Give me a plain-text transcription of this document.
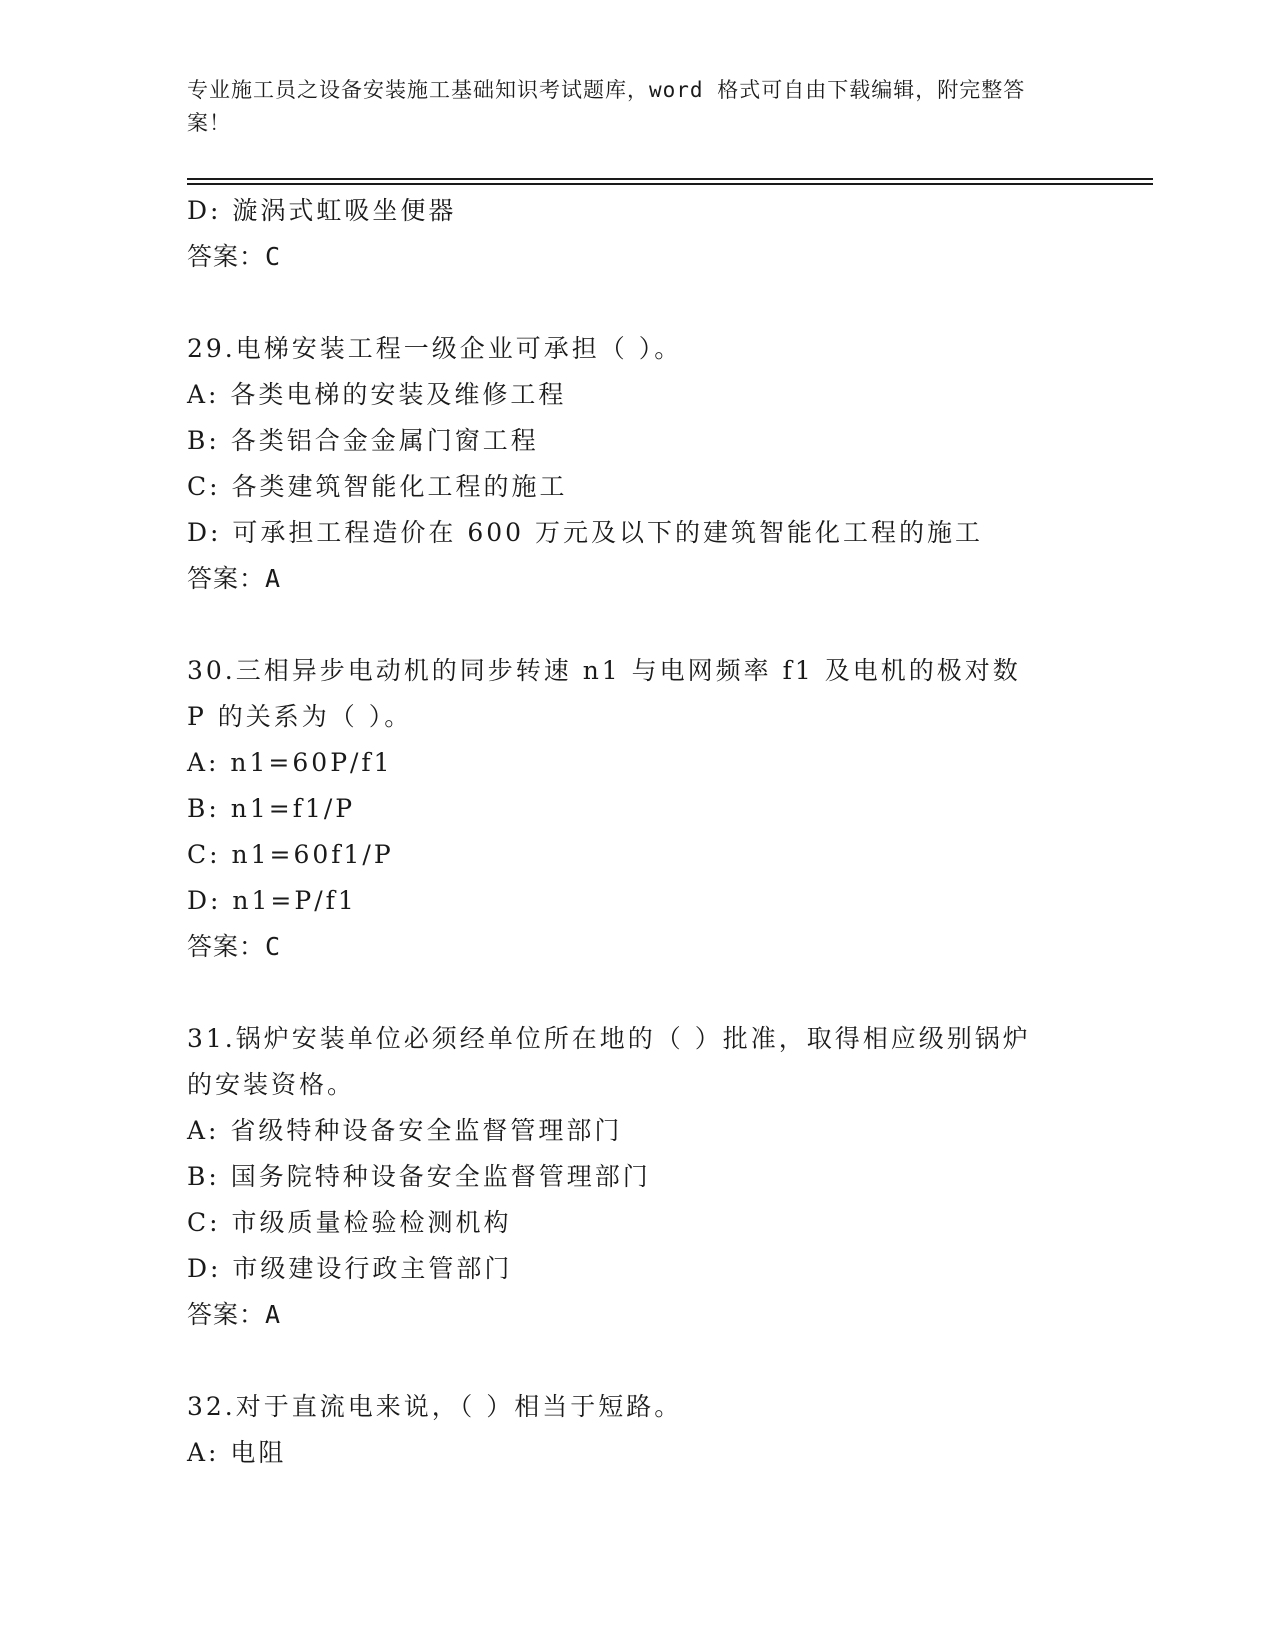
专业施工员之设备安装施工基础知识考试题库，word 格式可自由下载编辑，附完整答案！
D: 漩涡式虹吸坐便器
答案：C
29.电梯安装工程一级企业可承担（ ）。
A: 各类电梯的安装及维修工程
B: 各类铝合金金属门窗工程
C: 各类建筑智能化工程的施工
D: 可承担工程造价在 600 万元及以下的建筑智能化工程的施工
答案：A
30.三相异步电动机的同步转速 n1 与电网频率 f1 及电机的极对数 P 的关系为（ ）。
A: n1=60P/f1
B: n1=f1/P
C: n1=60f1/P
D: n1=P/f1
答案：C
31.锅炉安装单位必须经单位所在地的（ ）批准，取得相应级别锅炉的安装资格。
A: 省级特种设备安全监督管理部门
B: 国务院特种设备安全监督管理部门
C: 市级质量检验检测机构
D: 市级建设行政主管部门
答案：A
32.对于直流电来说，（ ）相当于短路。
A: 电阻
